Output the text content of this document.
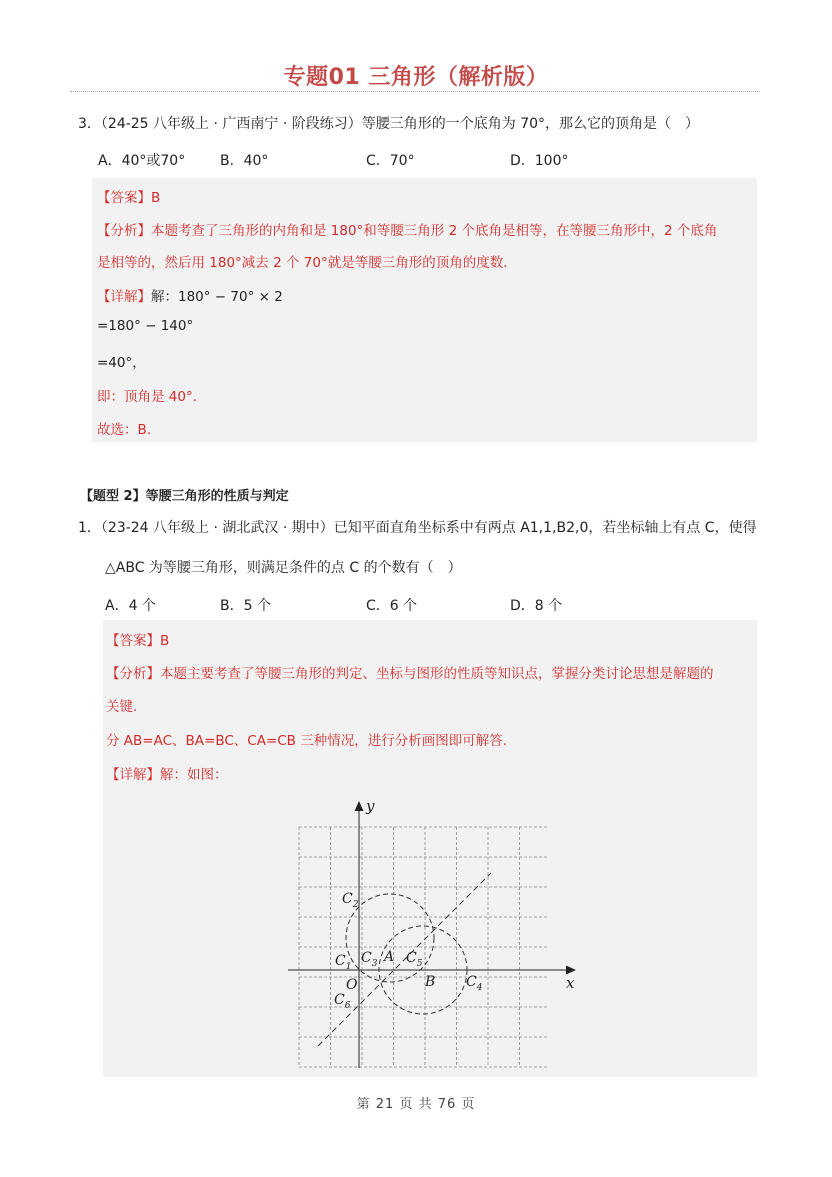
专题01 三角形（解析版）
3．（24-25 八年级上 · 广西南宁 · 阶段练习）等腰三角形的一个底角为 70°，那么它的顶角是（　）
A．40°或70° B．40°	C．70°	D．100°
【答案】B
【分析】本题考查了三角形的内角和是 180°和等腰三角形 2 个底角是相等，在等腰三角形中，2 个底角
是相等的，然后用 180°减去 2 个 70°就是等腰三角形的顶角的度数.
【详解】解：180° − 70° × 2
=180° − 140°
=40°，
即：顶角是 40°．
故选：B.
【题型 2】等腰三角形的性质与判定
1．（23-24 八年级上 · 湖北武汉 · 期中）已知平面直角坐标系中有两点 A1,1,B2,0，若坐标轴上有点 C，使得
△ABC 为等腰三角形，则满足条件的点 C 的个数有（　）
A．4 个	B．5 个	C．6 个	D．8 个
【答案】B
【分析】本题主要考查了等腰三角形的判定、坐标与图形的性质等知识点，掌握分类讨论思想是解题的
关键.
分 AB=AC、BA=BC、CA=CB 三种情况，进行分析画图即可解答.
【详解】解：如图：
y
x
O
A
B
$C_1$
$C_2$
$C_3$
$C_4$
$C_5$
$C_6$
第 21 页 共 76 页
